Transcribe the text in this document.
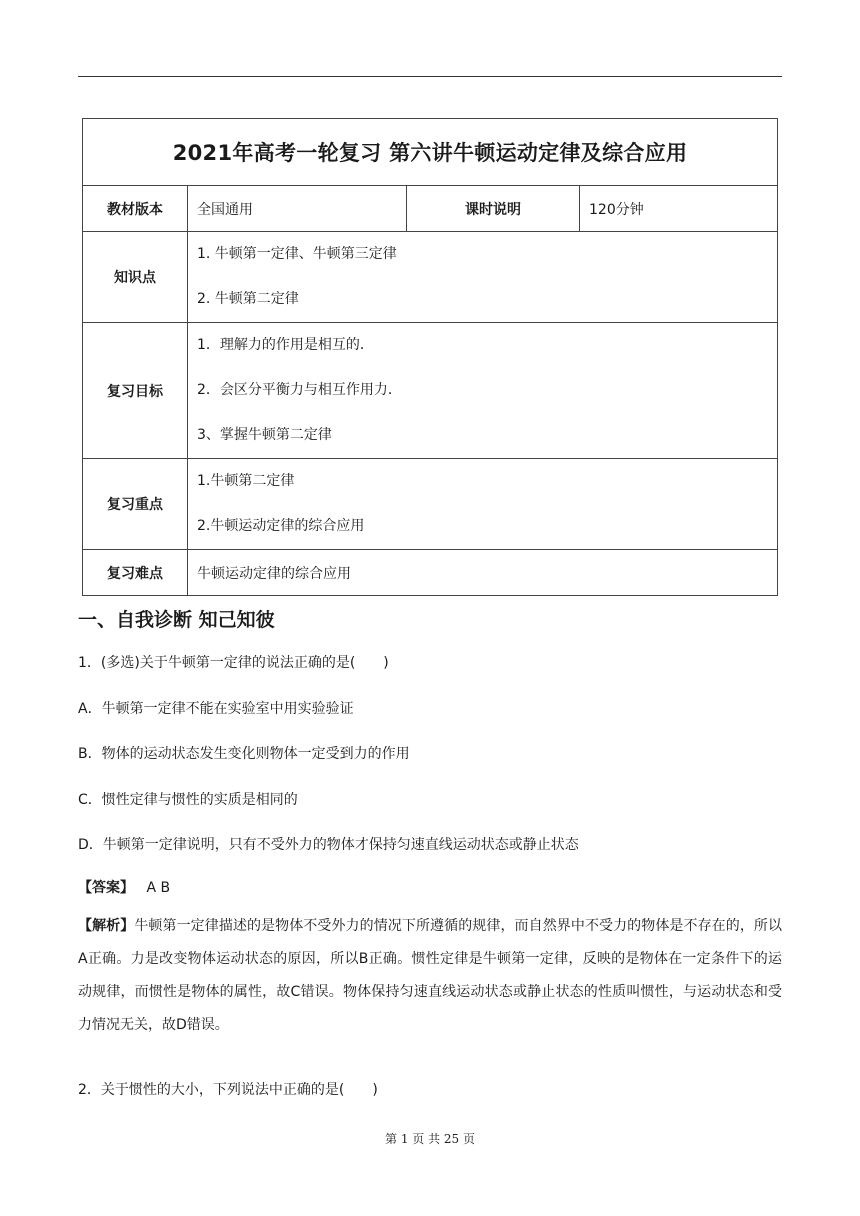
2021年高考一轮复习 第六讲牛顿运动定律及综合应用			
教材版本	全国通用	课时说明	120分钟
知识点	1. 牛顿第一定律、牛顿第三定律
2. 牛顿第二定律		

复习目标	1．理解力的作用是相互的．
2．会区分平衡力与相互作用力．
3、掌握牛顿第二定律		

复习重点	1.牛顿第二定律
2.牛顿运动定律的综合应用		

复习难点	牛顿运动定律的综合应用		
一、自我诊断 知己知彼
1．(多选)关于牛顿第一定律的说法正确的是(　　)
A．牛顿第一定律不能在实验室中用实验验证
B．物体的运动状态发生变化则物体一定受到力的作用
C．惯性定律与惯性的实质是相同的
D．牛顿第一定律说明，只有不受外力的物体才保持匀速直线运动状态或静止状态
【答案】 A B
【解析】牛顿第一定律描述的是物体不受外力的情况下所遵循的规律，而自然界中不受力的物体是不存在的，所以A正确。力是改变物体运动状态的原因，所以B正确。惯性定律是牛顿第一定律，反映的是物体在一定条件下的运动规律，而惯性是物体的属性，故C错误。物体保持匀速直线运动状态或静止状态的性质叫惯性，与运动状态和受力情况无关，故D错误。
2．关于惯性的大小，下列说法中正确的是(　　)
第 1 页 共 25 页
